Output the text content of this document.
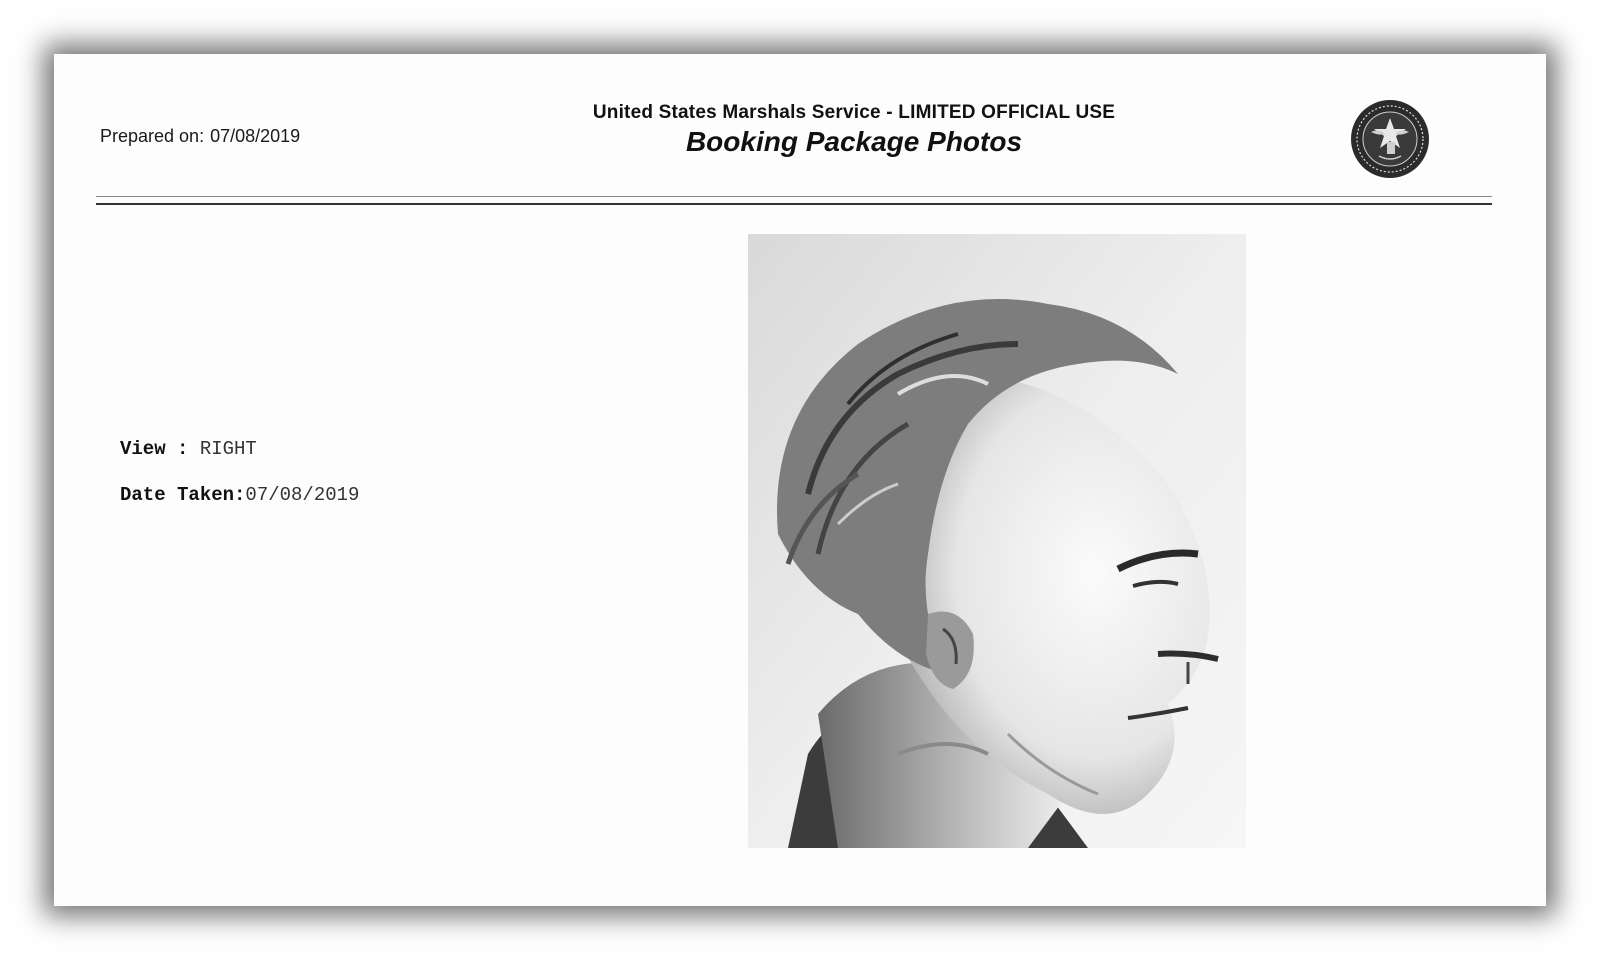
Prepared on: 07/08/2019
United States Marshals Service - LIMITED OFFICIAL USE
Booking Package Photos
View : RIGHT
Date Taken:07/08/2019
